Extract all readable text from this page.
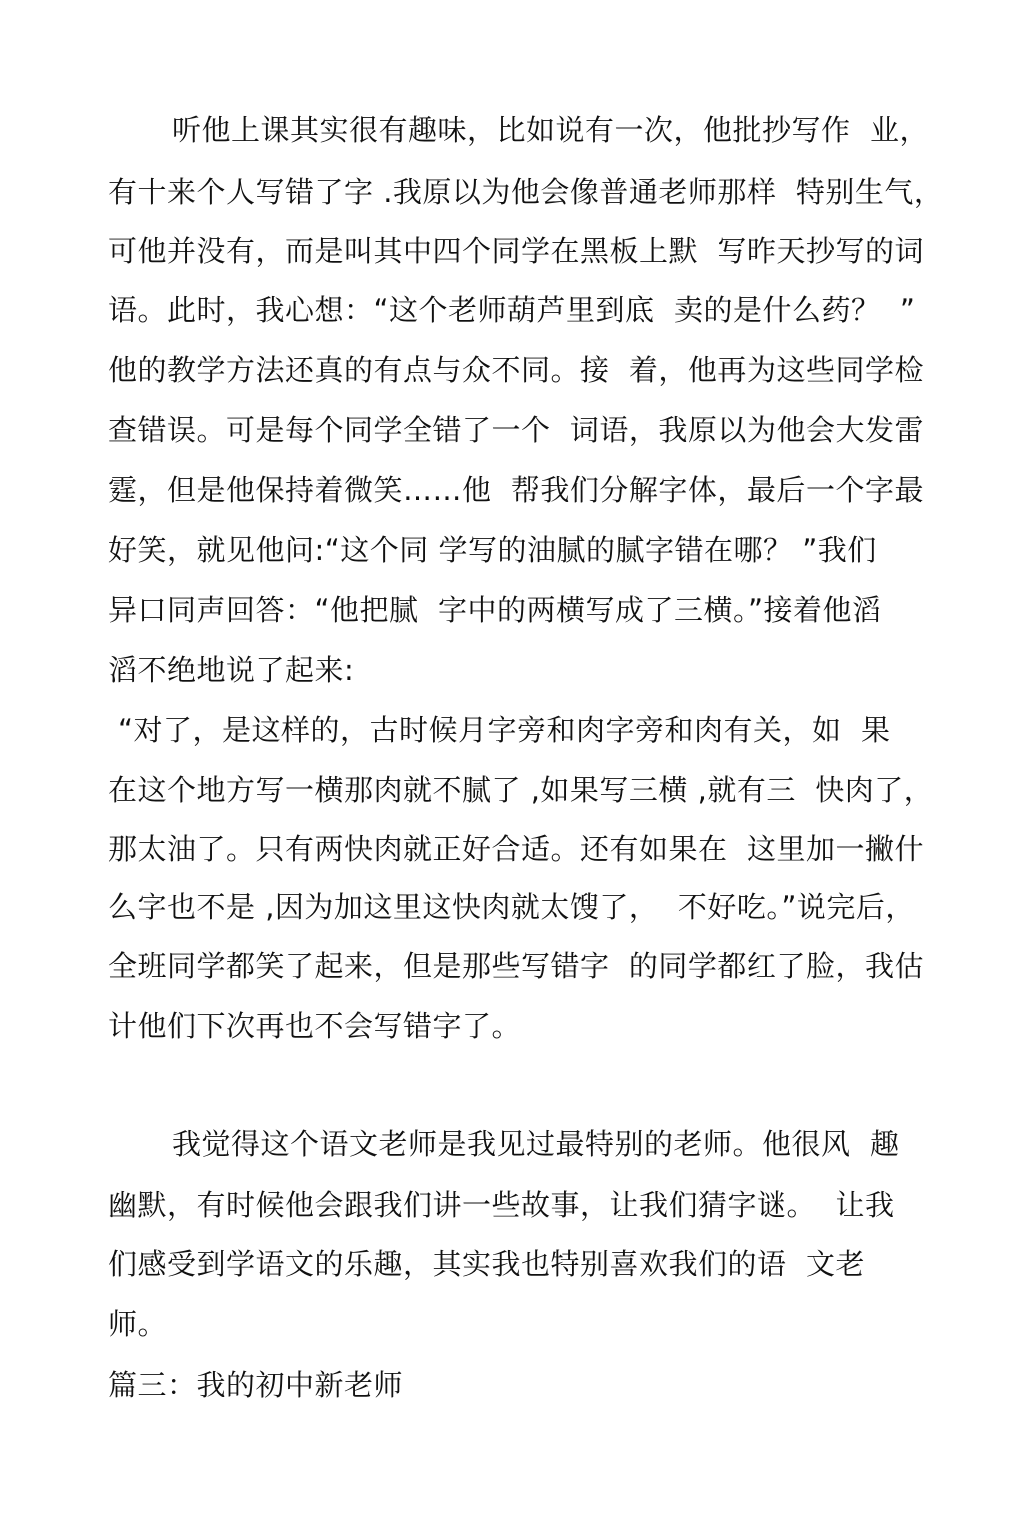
听他上课其实很有趣味，比如说有一次，他批抄写作  业，
有十来个人写错了字 .我原以为他会像普通老师那样  特别生气，
可他并没有，而是叫其中四个同学在黑板上默  写昨天抄写的词
语。此时，我心想：“这个老师葫芦里到底  卖的是什么药？  ”
他的教学方法还真的有点与众不同。接  着，他再为这些同学检
查错误。可是每个同学全错了一个  词语，我原以为他会大发雷
霆，但是他保持着微笑……他  帮我们分解字体，最后一个字最
好笑，就见他问:“这个同 学写的油腻的腻字错在哪？ ”我们
异口同声回答：“他把腻  字中的两横写成了三横。”接着他滔
滔不绝地说了起来:
“对了，是这样的，古时候月字旁和肉字旁和肉有关，如  果
在这个地方写一横那肉就不腻了 ,如果写三横 ,就有三  快肉了，
那太油了。只有两快肉就正好合适。还有如果在  这里加一撇什
么字也不是 ,因为加这里这快肉就太馊了，  不好吃。”说完后，
全班同学都笑了起来，但是那些写错字  的同学都红了脸，我估
计他们下次再也不会写错字了。
我觉得这个语文老师是我见过最特别的老师。他很风  趣
幽默，有时候他会跟我们讲一些故事，让我们猜字谜。  让我
们感受到学语文的乐趣，其实我也特别喜欢我们的语  文老
师。
篇三：我的初中新老师
